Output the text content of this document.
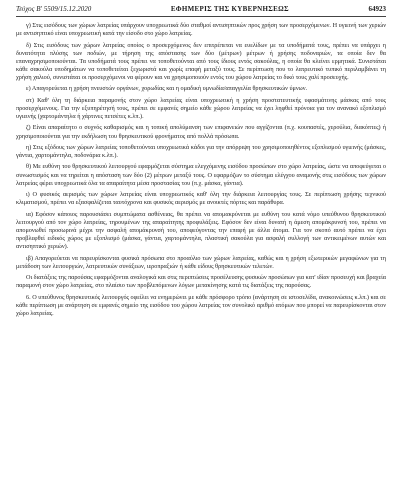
Τεύχος Β' 5509/15.12.2020	ΕΦΗΜΕΡΙΣ ΤΗΣ ΚΥΒΕΡΝΗΣΕΩΣ	64923

γ) Στις εισόδους των χώρων λατρείας υπάρχουν υποχρεωτικά δύο σταθμοί αντισηπτικών προς χρήση των προσερχόμενων. Η υγιεινή των χεριών με αντισηπτικό είναι υποχρεωτική κατά την είσοδο στο χώρο λατρείας.

δ) Στις εισόδους των χώρων λατρείας οποίος ο προσερχόμενος δεν επιτρέπεται να ευελίδων με τα υποδήματά τους, πρέπει να υπάρχει η δυνατότητα πλύσης των ποδιών, με τήρηση της απόστασης των δύο (μέτρων) μέτρων ή χρήσης ποδοναριών, τα οποία δεν θα επαναχρησιμοποιούνται. Τα υποδήματά τους πρέπει να τοποθετούνται από τους ίδιους εντός σακούλας, η οποία θα κλείνει ερμητικά. Συνιστάται κάθε σακούλα υποδημάτων να τοποθετείται ξεχωριστά και χωρίς επαφή μεταξύ τους. Σε περίπτωση που το λατρευτικό τυπικό περιλαμβάνει τη χρήση χαλιού, συνιστάται οι προσερχόμενοι να φέρουν και να χρησιμοποιούν εντός του χώρου λατρείας το δικό τους χαλί προσευχής.

ε) Απαγορεύεται η χρήση πνευστών οργάνων, χορωδίας και η ομαδική υμνωδία/απαγγελία θρησκευτικών ύμνων.

στ) Καθ' όλη τη διάρκεια παραμονής στον χώρο λατρείας είναι υποχρεωτική η χρήση προστατευτικής υφασμάτινης μάσκας από τους προσερχόμενους. Για την εξυπηρέτησή τους, πρέπει σε εμφανές σημείο κάθε χώρου λατρείας να έχει ληφθεί πρόνοια για τον ανανακό εξοπλισμό υγιεινής (χαρτομάντηλα ή χάρτινες πετσέτες κ.λπ.).

ζ) Είναι απαραίτητο ο συχνός καθαρισμός και η τοπική απολύμανση των επιφανειών που αγγίζονται (π.χ. κουπαστές, χερούλια, διακόπτες) ή χρησιμοποιούνται για την εκδήλωση του θρησκευτικού φρονήματος από πολλά πρόσωπα.

η) Στις εξόδους των χώρων λατρείας τοποθετούνται υποχρεωτικά κάδοι για την απόρριψη του χρησιμοποιηθέντος εξοπλισμού υγιεινής (μάσκες, γάντια, χαρτομάντηλα, ποδονάρια κ.λπ.).

θ) Με ευθύνη του θρησκευτικού λειτουργού εφαρμόζεται σύστημα ελεγχόμενης εισόδου προσώπων στο χώρο λατρείας, ώστε να αποφεύγεται ο συνωστισμός και να τηρείται η απόσταση των δύο (2) μέτρων μεταξύ τους. Ο εφαρμόζων το σύστημα ελέγχου αναμονής στις εισόδους των χώρων λατρείας φέρει υποχρεωτικά όλα τα απαραίτητα μέσα προστασίας του (π.χ. μάσκα, γάντια).

ι) Ο φυσικός αερισμός των χώρων λατρείας είναι υποχρεωτικός καθ' όλη την διάρκεια λειτουργίας τους. Σε περίπτωση χρήσης τεχνικού κλιματισμού, πρέπει να εξασφαλίζεται ταυτόχρονα και φυσικός αερισμός με ανοικτές πόρτες και παράθυρα.

ια) Εφόσον κάποιος παρουσιάσει συμπτώματα ασθένειας, θα πρέπει να απομακρύνεται με ευθύνη του κατά νόμο υπεύθυνου θρησκευτικού λειτουργού από τον χώρο λατρείας, τηρουμένων της απαραίτητης προφυλάξεις. Εφόσον δεν είναι δυνατή η άμεση απομάκρυνσή του, πρέπει να απομονωθεί προσωρινά μέχρι την ασφαλή απομάκρυνσή του, αποφεύγοντας την επαφή με άλλα άτομα. Για τον σκοπό αυτό πρέπει να έχει προβλεφθεί ειδικός χώρος με εξοπλισμό (μάσκα, γάντια, χαρτομάντηλα, πλαστική σακούλα για ασφαλή συλλογή των αντικειμένων αυτών και αντισηπτικό χεριών).

ιβ) Απαγορεύεται να παρευρίσκονται φυσικά πρόσωπα στο προαύλιο των χώρων λατρείας, καθώς και η χρήση εξωτερικών μεγαφώνων για τη μετάδοση των λειτουργιών, λατρευτικών συνάξεων, ιεροπραξιών ή κάθε είδους θρησκευτικών τελετών.

Οι διατάξεις της παρούσας εφαρμόζονται αναλογικά και στις περιπτώσεις προσέλευσης φυσικών προσώπων για κατ' ιδίαν προσευχή και βραχεία παραμονή στον χώρο λατρείας, στο πλαίσιο των προβλεπόμενων λόγων μετακίνησης κατά τις διατάξεις της παρούσας.

6. Ο υπεύθυνος θρησκευτικός λειτουργός οφείλει να ενημερώνει με κάθε πρόσφορο τρόπο (ανάρτηση σε ιστοσελίδα, ανακοινώσεις κ.λπ.) και σε κάθε περίπτωση με ανάρτηση σε εμφανές σημείο της εισόδου του χώρου λατρείας τον συνολικό αριθμό ατόμων που μπορεί να παρευρίσκονται στον χώρο λατρείας.
